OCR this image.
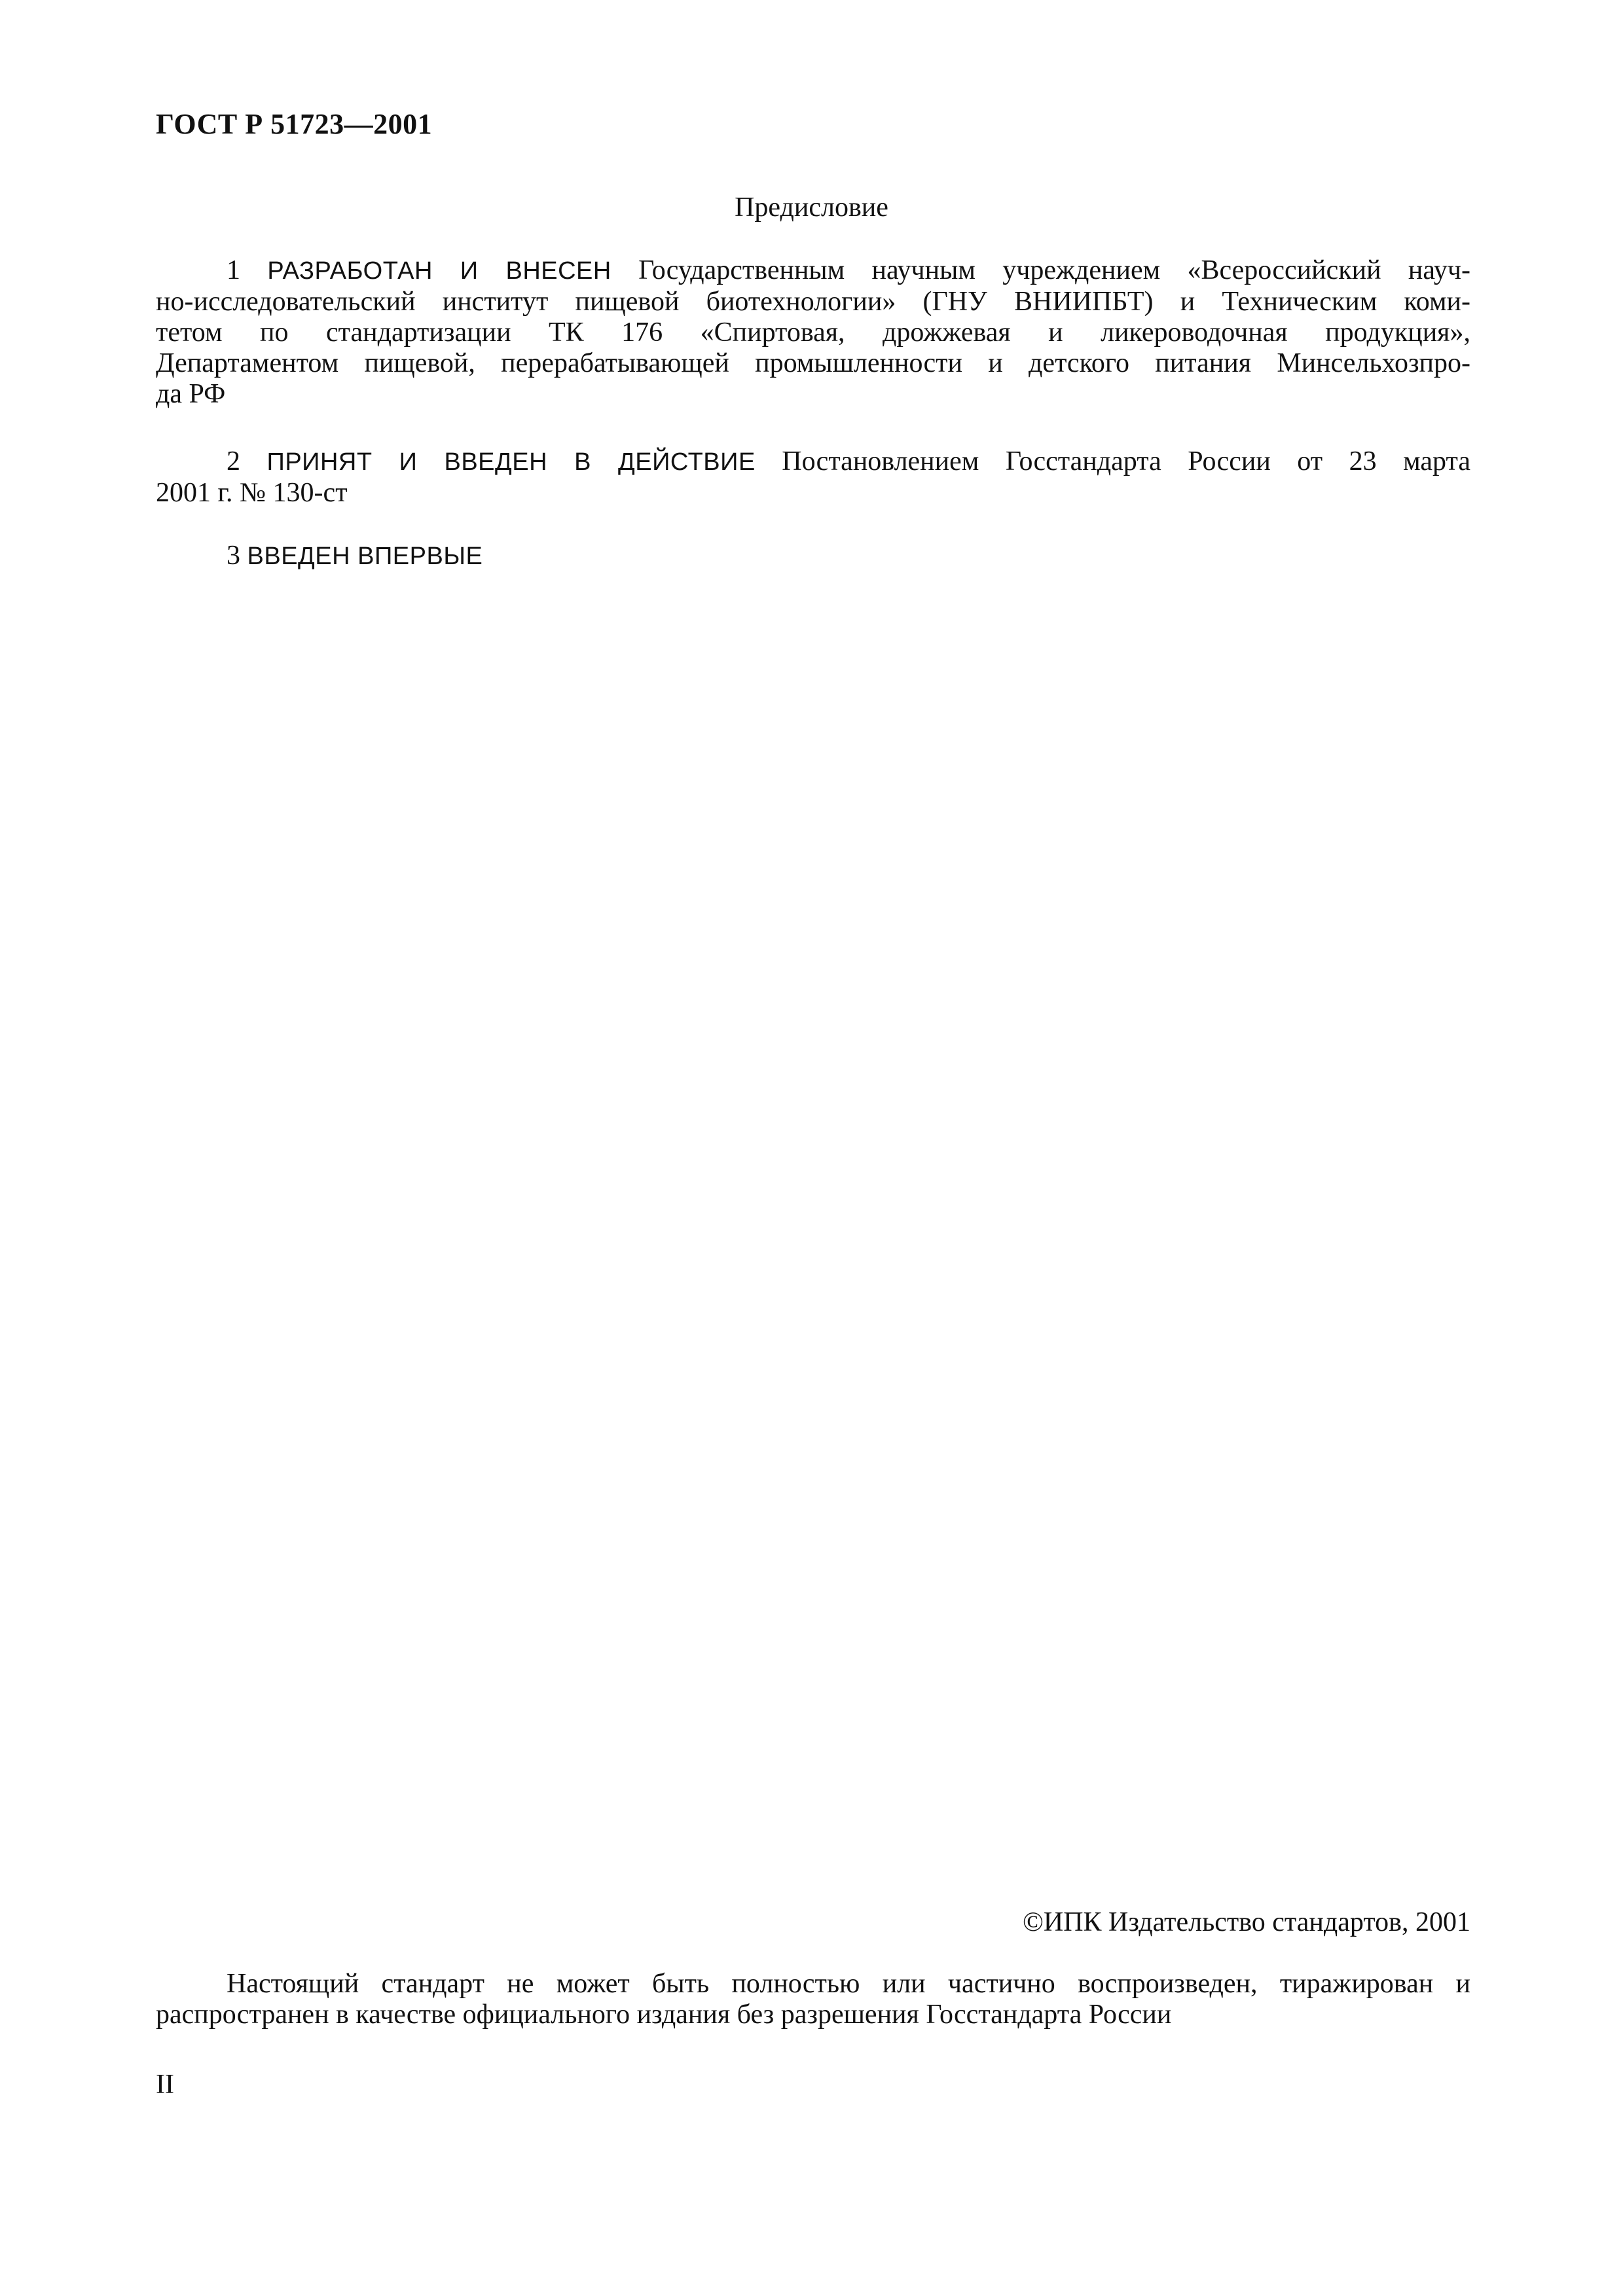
ГОСТ Р 51723—2001
Предисловие
1 РАЗРАБОТАН И ВНЕСЕН Государственным научным учреждением «Всероссийский науч-
но-исследовательский институт пищевой биотехнологии» (ГНУ ВНИИПБТ) и Техническим коми-
тетом по стандартизации ТК 176 «Спиртовая, дрожжевая и ликероводочная продукция»,
Департаментом пищевой, перерабатывающей промышленности и детского питания Минсельхозпро-
да РФ
2 ПРИНЯТ И ВВЕДЕН В ДЕЙСТВИЕ Постановлением Госстандарта России от 23 марта
2001 г. № 130-ст
3 ВВЕДЕН ВПЕРВЫЕ
©ИПК Издательство стандартов, 2001
Настоящий стандарт не может быть полностью или частично воспроизведен, тиражирован и
распространен в качестве официального издания без разрешения Госстандарта России
II
